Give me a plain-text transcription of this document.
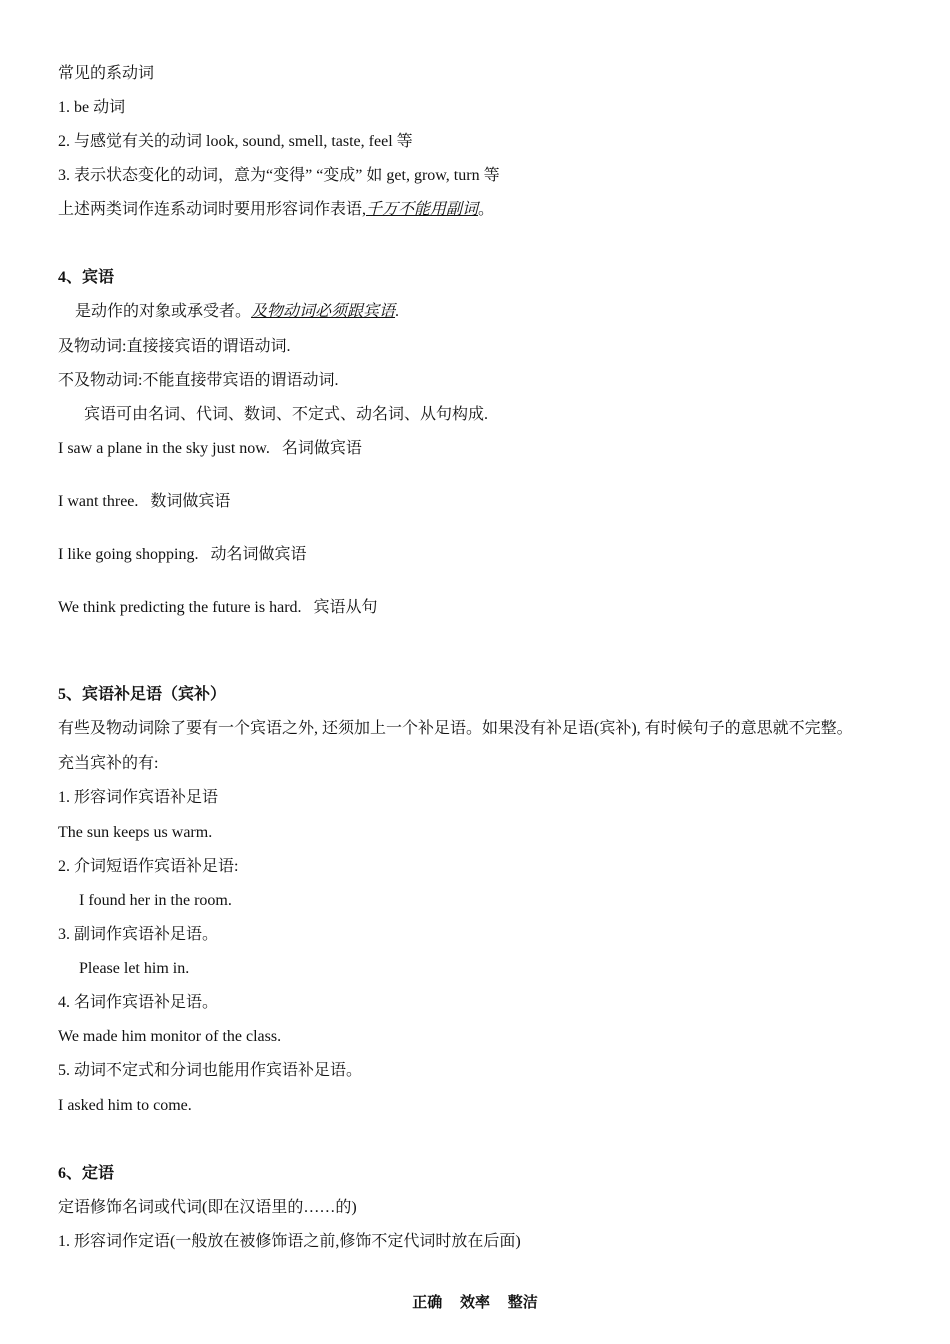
常见的系动词
1. be 动词
2. 与感觉有关的动词 look, sound, smell, taste, feel 等
3. 表示状态变化的动词，意为“变得” “变成” 如 get, grow, turn 等
上述两类词作连系动词时要用形容词作表语,千万不能用副词。
4、宾语
是动作的对象或承受者。及物动词必须跟宾语.
及物动词:直接接宾语的谓语动词.
不及物动词:不能直接带宾语的谓语动词.
宾语可由名词、代词、数词、不定式、动名词、从句构成.
I saw a plane in the sky just now.   名词做宾语
I want three.   数词做宾语
I like going shopping.   动名词做宾语
We think predicting the future is hard.   宾语从句
5、宾语补足语（宾补）
有些及物动词除了要有一个宾语之外, 还须加上一个补足语。如果没有补足语(宾补), 有时候句子的意思就不完整。
充当宾补的有:
1. 形容词作宾语补足语
The sun keeps us warm.
2. 介词短语作宾语补足语:
I found her in the room.
3. 副词作宾语补足语。
Please let him in.
4. 名词作宾语补足语。
We made him monitor of the class.
5. 动词不定式和分词也能用作宾语补足语。
I asked him to come.
6、定语
定语修饰名词或代词(即在汉语里的……的)
1. 形容词作定语(一般放在被修饰语之前,修饰不定代词时放在后面)
正确 效率 整洁
